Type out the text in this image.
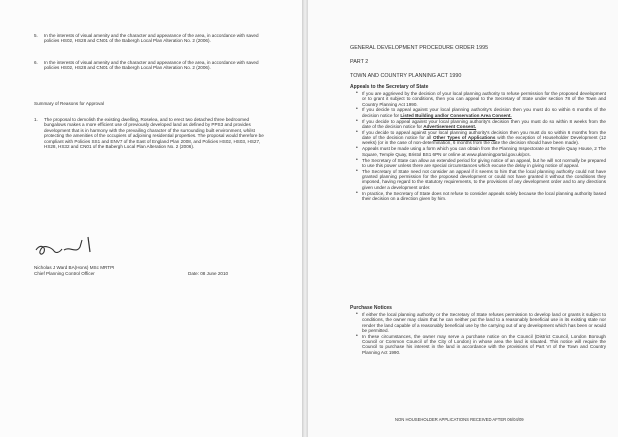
5. In the interests of visual amenity and the character and appearance of the area, in accordance with saved policies HS02, HS28 and CN01 of the Babergh Local Plan Alteration No. 2 (2006).
6. In the interests of visual amenity and the character and appearance of the area, in accordance with saved policies HS02, HS28 and CN01 of the Babergh Local Plan Alteration No. 2 (2006).
Summary of Reasons for Approval
1. The proposal to demolish the existing dwelling, Roselea, and to erect two detached three bedroomed bungalows makes a more efficient use of previously developed land as defined by PPS3 and provides development that is in harmony with the prevailing character of the surrounding built environment, whilst protecting the amenities of the occupiers of adjoining residential properties. The proposal would therefore be compliant with Policies SS1 and ENV7 of the East of England Plan 2008, and Policies HS02, HS03, HS27, HS28, HS32 and CN01 of the Babergh Local Plan Alteration No. 2 (2006).
Nicholas J Ward BA(Hons) MSc MRTPI
Chief Planning Control Officer	Date: 08 June 2010
GENERAL DEVELOPMENT PROCEDURE ORDER 1995
PART 2
TOWN AND COUNTRY PLANNING ACT 1990
Appeals to the Secretary of State
• If you are aggrieved by the decision of your local planning authority to refuse permission for the proposed development or to grant it subject to conditions, then you can appeal to the Secretary of State under section 78 of the Town and Country Planning Act 1990.
• If you decide to appeal against your local planning authority's decision then you must do so within 6 months of the decision notice for Listed Building and/or Conservation Area Consent.
• If you decide to appeal against your local planning authority's decision then you must do so within 8 weeks from the date of the decision notice for Advertisement Consent.
• If you decide to appeal against your local planning authority's decision then you must do so within 6 months from the date of the decision notice for all Other Types of Applications with the exception of Householder Development (12 weeks) (or in the case of non-determination, 6 months from the date the decision should have been made).
• Appeals must be made using a form which you can obtain from the Planning Inspectorate at Temple Quay House, 2 The Square, Temple Quay, Bristol BS1 6PN or online at www.planningportal.gov.uk/pcs.
• The Secretary of State can allow an extended period for giving notice of an appeal, but he will not normally be prepared to use this power unless there are special circumstances which excuse the delay in giving notice of appeal.
• The Secretary of State need not consider an appeal if it seems to him that the local planning authority could not have granted planning permission for the proposed development or could not have granted it without the conditions they imposed, having regard to the statutory requirements, to the provisions of any development order and to any directions given under a development order.
• In practice, the Secretary of State does not refuse to consider appeals solely because the local planning authority based their decision on a direction given by him.
Purchase Notices
• If either the local planning authority or the Secretary of State refuses permission to develop land or grants it subject to conditions, the owner may claim that he can neither put the land to a reasonably beneficial use in its existing state nor render the land capable of a reasonably beneficial use by the carrying out of any development which has been or would be permitted.
• In these circumstances, the owner may serve a purchase notice on the Council (District Council, London Borough Council or Common Council of the City of London) in whose area the land is situated. This notice will require the Council to purchase his interest in the land in accordance with the provisions of Part VI of the Town and Country Planning Act 1990.
NON HOUSEHOLDER APPLICATIONS RECEIVED AFTER 06/04/09
